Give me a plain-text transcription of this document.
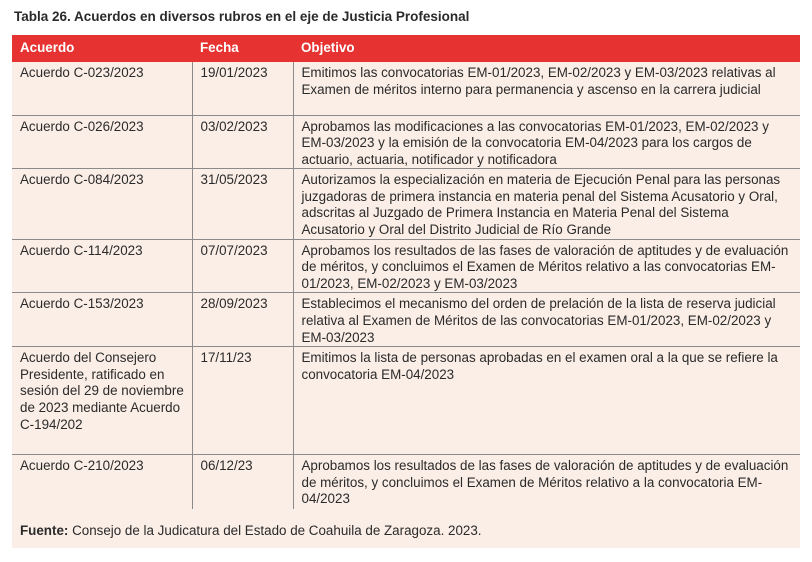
Tabla 26. Acuerdos en diversos rubros en el eje de Justicia Profesional
Acuerdo	Fecha	Objetivo
Acuerdo C-023/2023	19/01/2023	Emitimos las convocatorias EM-01/2023, EM-02/2023 y EM-03/2023 relativas al Examen de méritos interno para permanencia y ascenso en la carrera judicial
Acuerdo C-026/2023	03/02/2023	Aprobamos las modificaciones a las convocatorias EM-01/2023, EM-02/2023 y EM-03/2023 y la emisión de la convocatoria EM-04/2023 para los cargos de actuario, actuaria, notificador y notificadora
Acuerdo C-084/2023	31/05/2023	Autorizamos la especialización en materia de Ejecución Penal para las personas juzgadoras de primera instancia en materia penal del Sistema Acusatorio y Oral, adscritas al Juzgado de Primera Instancia en Materia Penal del Sistema Acusatorio y Oral del Distrito Judicial de Río Grande
Acuerdo C-114/2023	07/07/2023	Aprobamos los resultados de las fases de valoración de aptitudes y de evaluación de méritos, y concluimos el Examen de Méritos relativo a las convocatorias EM-01/2023, EM-02/2023 y EM-03/2023
Acuerdo C-153/2023	28/09/2023	Establecimos el mecanismo del orden de prelación de la lista de reserva judicial relativa al Examen de Méritos de las convocatorias EM-01/2023, EM-02/2023 y EM-03/2023
Acuerdo del Consejero Presidente, ratificado en sesión del 29 de noviembre de 2023 mediante Acuerdo C-194/202	17/11/23	Emitimos la lista de personas aprobadas en el examen oral a la que se refiere la convocatoria EM-04/2023
Acuerdo C-210/2023	06/12/23	Aprobamos los resultados de las fases de valoración de aptitudes y de evaluación de méritos, y concluimos el Examen de Méritos relativo a la convocatoria EM-04/2023
Fuente: Consejo de la Judicatura del Estado de Coahuila de Zaragoza. 2023.
